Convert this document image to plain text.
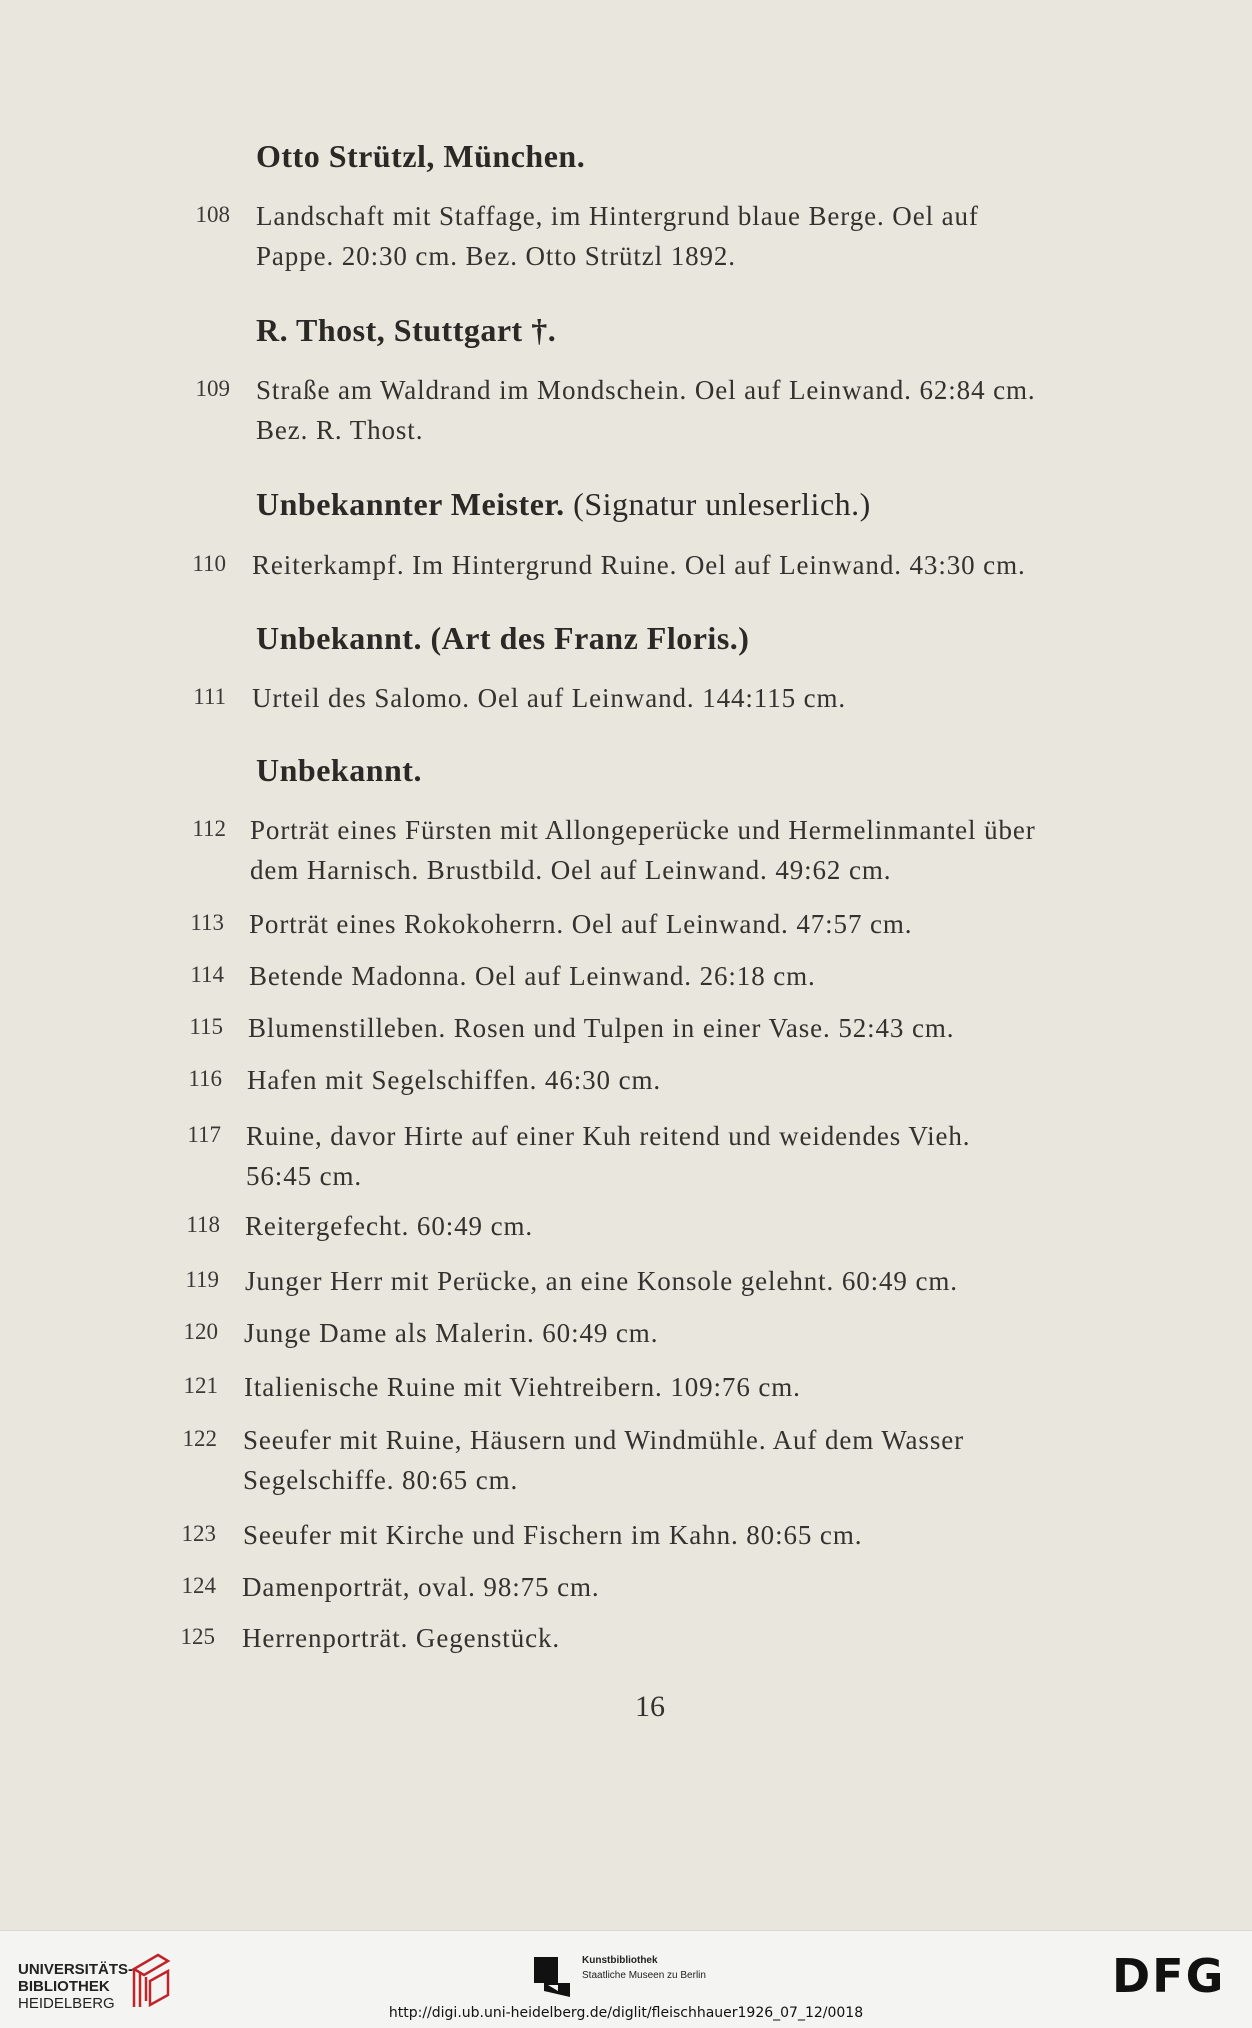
Otto Strützl, München.
108 Landschaft mit Staffage, im Hintergrund blaue Berge. Oel auf
Pappe. 20:30 cm. Bez. Otto Strützl 1892.
R. Thost, Stuttgart †.
109 Straße am Waldrand im Mondschein. Oel auf Leinwand. 62:84 cm.
Bez. R. Thost.
Unbekannter Meister. (Signatur unleserlich.)
110 Reiterkampf. Im Hintergrund Ruine. Oel auf Leinwand. 43:30 cm.
Unbekannt. (Art des Franz Floris.)
111 Urteil des Salomo. Oel auf Leinwand. 144:115 cm.
Unbekannt.
112 Porträt eines Fürsten mit Allongeperücke und Hermelinmantel über
dem Harnisch. Brustbild. Oel auf Leinwand. 49:62 cm.
113 Porträt eines Rokokoherrn. Oel auf Leinwand. 47:57 cm.
114 Betende Madonna. Oel auf Leinwand. 26:18 cm.
115 Blumenstilleben. Rosen und Tulpen in einer Vase. 52:43 cm.
116 Hafen mit Segelschiffen. 46:30 cm.
117 Ruine, davor Hirte auf einer Kuh reitend und weidendes Vieh.
56:45 cm.
118 Reitergefecht. 60:49 cm.
119 Junger Herr mit Perücke, an eine Konsole gelehnt. 60:49 cm.
120 Junge Dame als Malerin. 60:49 cm.
121 Italienische Ruine mit Viehtreibern. 109:76 cm.
122 Seeufer mit Ruine, Häusern und Windmühle. Auf dem Wasser
Segelschiffe. 80:65 cm.
123 Seeufer mit Kirche und Fischern im Kahn. 80:65 cm.
124 Damenporträt, oval. 98:75 cm.
125 Herrenporträt. Gegenstück.
16
UNIVERSITÄTS-
BIBLIOTHEK
HEIDELBERG
Kunstbibliothek
Staatliche Museen zu Berlin	DFG
http://digi.ub.uni-heidelberg.de/diglit/fleischhauer1926_07_12/0018
